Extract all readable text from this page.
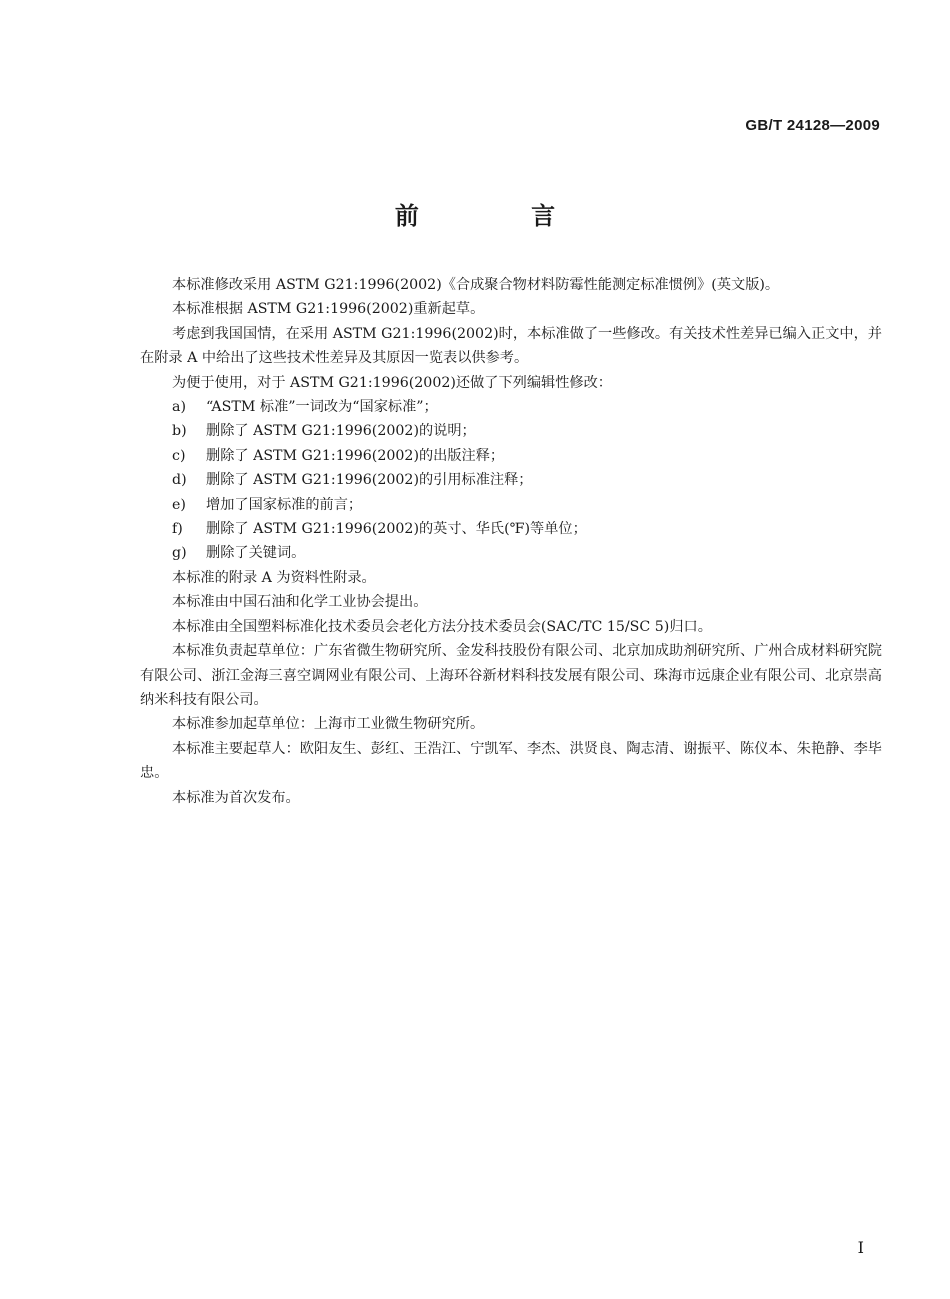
GB/T 24128—2009
前 言

本标准修改采用 ASTM G21:1996(2002)《合成聚合物材料防霉性能测定标准惯例》(英文版)。

本标准根据 ASTM G21:1996(2002)重新起草。

考虑到我国国情，在采用 ASTM G21:1996(2002)时，本标准做了一些修改。有关技术性差异已编入正文中，并在附录 A 中给出了这些技术性差异及其原因一览表以供参考。

为便于使用，对于 ASTM G21:1996(2002)还做了下列编辑性修改：

a)	“ASTM 标准”一词改为“国家标准”；
b)	删除了 ASTM G21:1996(2002)的说明；
c)	删除了 ASTM G21:1996(2002)的出版注释；
d)	删除了 ASTM G21:1996(2002)的引用标准注释；
e)	增加了国家标准的前言；
f)	删除了 ASTM G21:1996(2002)的英寸、华氏(℉)等单位；
g)	删除了关键词。

本标准的附录 A 为资料性附录。

本标准由中国石油和化学工业协会提出。

本标准由全国塑料标准化技术委员会老化方法分技术委员会(SAC/TC 15/SC 5)归口。

本标准负责起草单位：广东省微生物研究所、金发科技股份有限公司、北京加成助剂研究所、广州合成材料研究院有限公司、浙江金海三喜空调网业有限公司、上海环谷新材料科技发展有限公司、珠海市远康企业有限公司、北京崇高纳米科技有限公司。

本标准参加起草单位：上海市工业微生物研究所。

本标准主要起草人：欧阳友生、彭红、王浩江、宁凯军、李杰、洪贤良、陶志清、谢振平、陈仪本、朱艳静、李毕忠。

本标准为首次发布。

I
